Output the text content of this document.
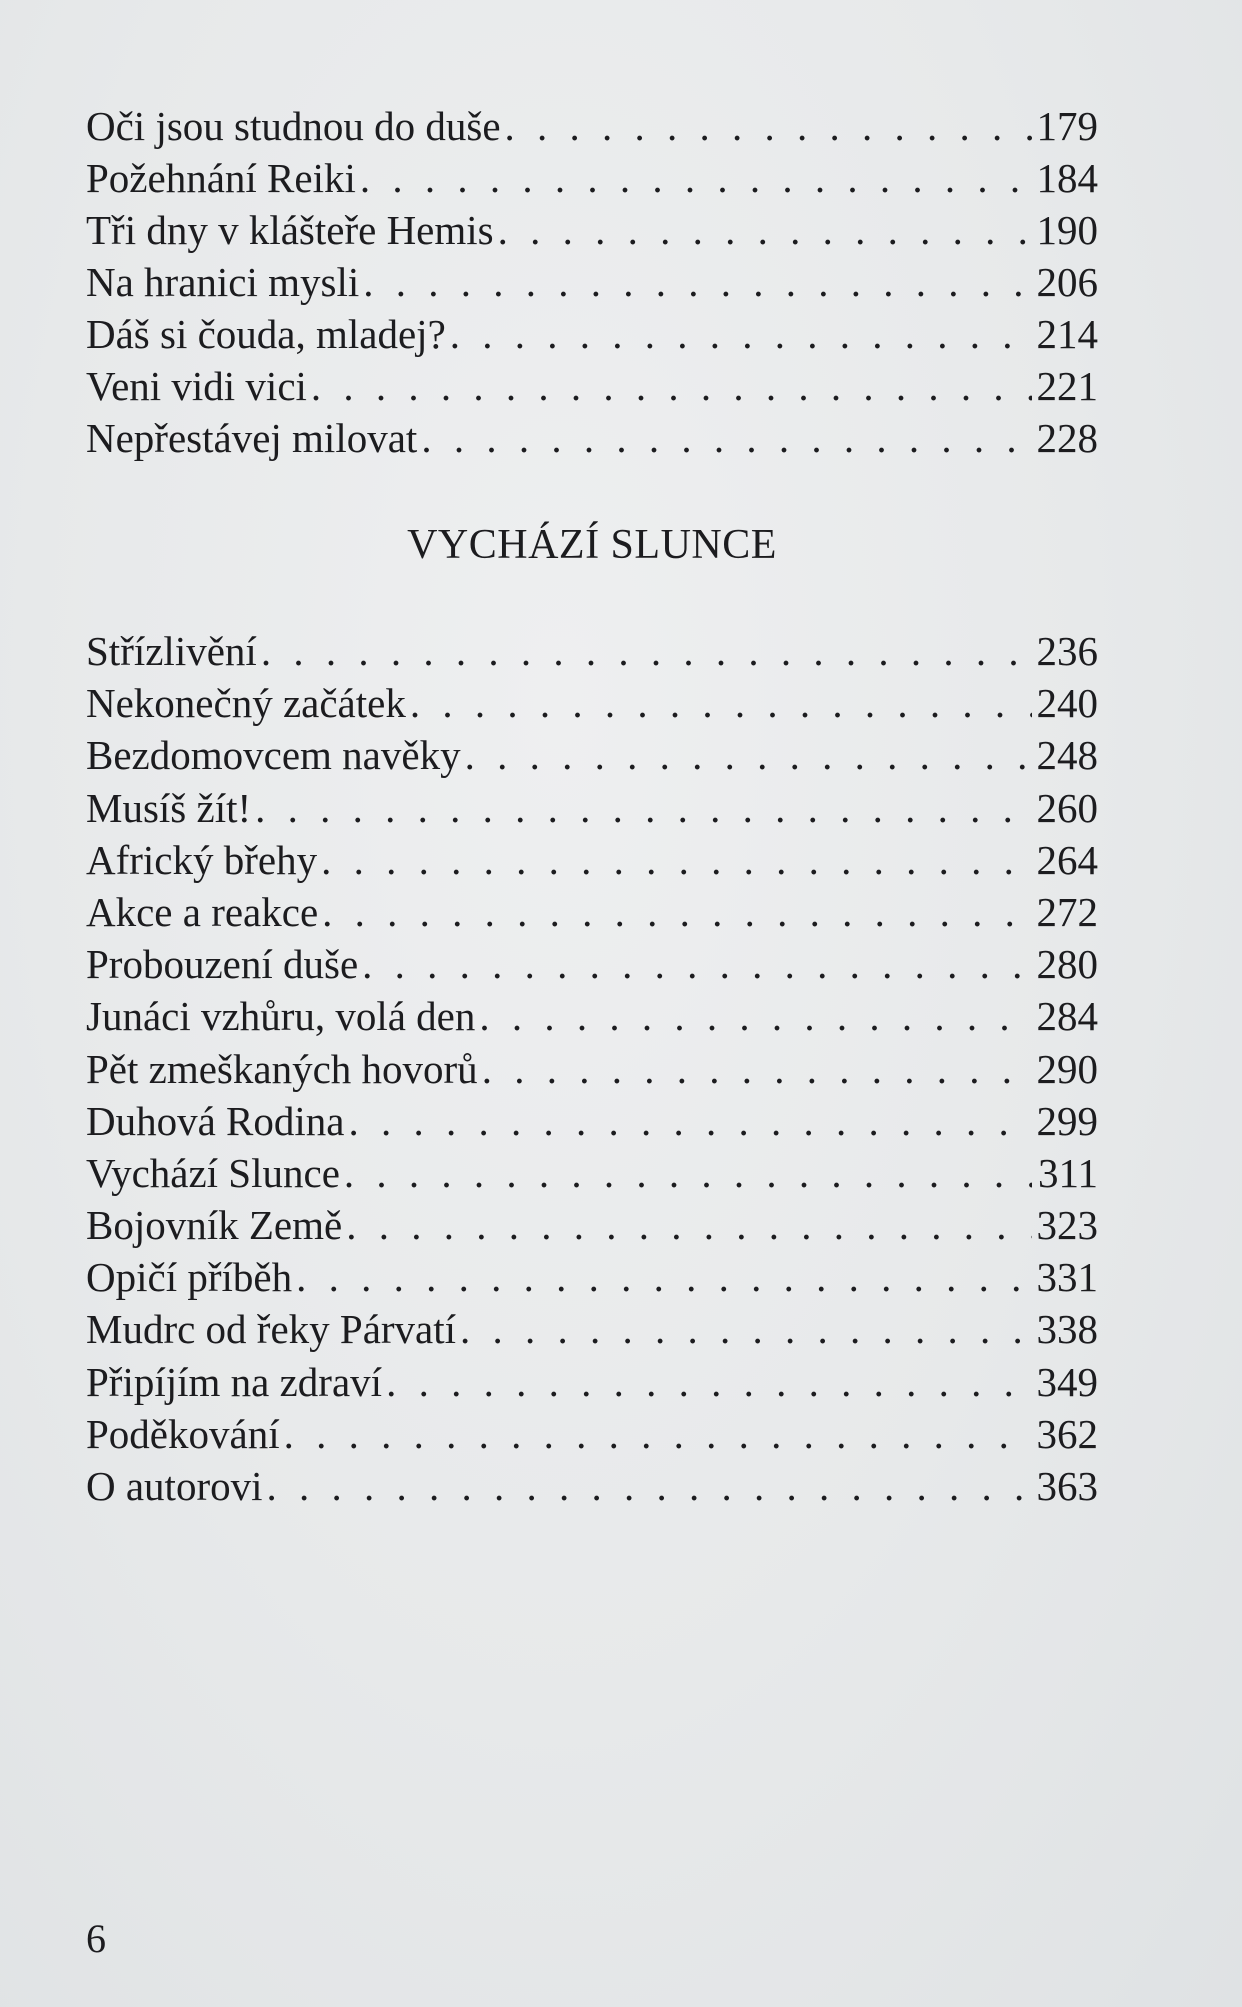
Oči jsou studnou do duše . . .	179
Požehnání Reiki . . .	184
Tři dny v klášteře Hemis . . .	190
Na hranici mysli . . .	206
Dáš si čouda, mladej? . . .	214
Veni vidi vici . . .	221
Nepřestávej milovat . . .	228
VYCHÁZÍ SLUNCE
Střízlivění . . .	236
Nekonečný začátek . . .	240
Bezdomovcem navěky . . .	248
Musíš žít! . . .	260
Africký břehy . . .	264
Akce a reakce . . .	272
Probouzení duše . . .	280
Junáci vzhůru, volá den . . .	284
Pět zmeškaných hovorů . . .	290
Duhová Rodina . . .	299
Vychází Slunce . . .	311
Bojovník Země . . .	323
Opičí příběh . . .	331
Mudrc od řeky Párvatí . . .	338
Připíjím na zdraví . . .	349
Poděkování . . .	362
O autorovi . . .	363
6
